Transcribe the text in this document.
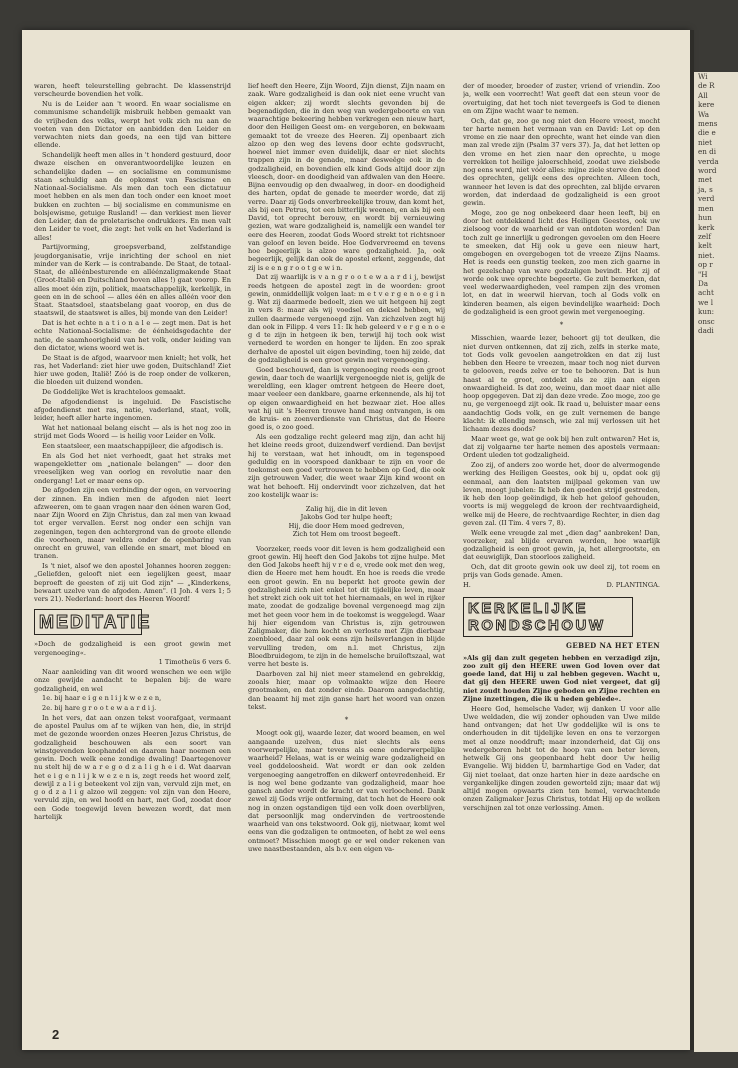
waren, heeft teleurstelling gebracht. De klassenstrijd verscheurde bovendien het volk.

Nu is de Leider aan 't woord. En waar socialisme en communisme schandelijk misbruik hebben gemaakt van de vrijheden des volks, werpt het volk zich nu aan de voeten van den Dictator en aanbidden den Leider en verwachten niets dan goeds, na een tijd van bittere ellende.

Schandelijk heeft men alles in 't honderd gestuurd, door dwaze eischen en onverantwoordelijke leuzen en schandelijke daden — en socialisme en communisme staan schuldig aan de opkomst van Fascisme en Nationaal-Socialisme. Als men dan toch een dictatuur moet hebben en als men dan toch onder een knoet moet bukken en zuchten — bij socialisme en communisme en bolsjewisme, getuige Rusland! — dan verkiest men liever den Leider, dan de proletarische ondrukkers. En men valt den Leider te voet, die zegt: het volk en het Vaderland is alles!

Partijvorming, groepsverband, zelfstandige jeugdorganisatie, vrije inrichting der school en niet minder van de Kerk — is contrabande. De Staat, de totaal-Staat, de alléénbesturende en alléénzaligmakende Staat (Groot-Italië en Duitschland boven alles !) gaat voorop. En alles moet één zijn, politiek, maatschappelijk, kerkelijk, in geen en in de school — alles één en alles alléén voor den Staat. Staatsdoel, staatsbelang gaat voorop, en dus de staatswil, de staatswet is alles, bij monde van den Leider!

Dat is het echte n a t i o n a l e — zegt men. Dat is het echte Nationaal-Socialisme: de éénheidsgedachte der natie, de saamhoorigheid van het volk, onder leiding van den dictator, wiens woord wet is.

De Staat is de afgod, waarvoor men knielt; het volk, het ras, het Vaderland: ziet hier uwe goden, Duitschland! Ziet hier uwe goden, Italië! Zóó is de roep onder de volkeren, die bloeden uit duizend wonden.

De Goddelijke Wet is krachteloos gemaakt.

De afgodendienst is ingeluid. De Fascistische afgodendienst met ras, natie, vaderland, staat, volk, leider, heeft aller harte ingenomen.

Wat het nationaal belang eischt — als is het nog zoo in strijd met Gods Woord — is heilig voor Leider en Volk.

Een staatsleer, een maatschappijleer, die afgodisch is.

En als God het niet verhoedt, gaat het straks met wapengekletter om „nationale belangen" — door den vreeselijken weg van oorlog en revolutie naar den ondergang! Let er maar eens op.

De afgoden zijn een verbinding der ogen, en vervoering der zinnen. En indien men de afgoden niet leert afzweeren, om te gaan vragen naar den éénen waren God, naar Zijn Woord en Zijn Christus, dan zal men van kwaad tot erger vervallen. Eerst nog onder een schijn van zegeningen, tegen den achtergrond van de groote ellende die voorheen, maar weldra onder de openbaring van onrecht en gruwel, van ellende en smart, met bloed en tranen.

Is 't niet, alsof we den apostel Johannes hooren zeggen: „Geliefden, gelooft niet een iegelijken geest, maar beproeft de geesten of zij uit God zijn" — „Kinderkens, bewaart uzelve van de afgoden. Amen". (1 Joh. 4 vers 1; 5 vers 21). Nederland: hoort des Heeren Woord!

MEDITATIE

»Doch de godzaligheid is een groot gewin met vergenoeging«.

1 Timotheüs 6 vers 6.

Naar aanleiding van dit woord wenschen we een wijle onze gewijde aandacht te bepalen bij: de ware godzaligheid, en wel

1e. bij haar e i g e n l i j k w e z e n,

2e. bij hare g r o o t e w a a r d i j.

In het vers, dat aan onzen tekst voorafgaat, vermaant de apostel Paulus om af te wijken van hen, die, in strijd met de gezonde woorden onzes Heeren Jezus Christus, de godzaligheid beschouwen als een soort van winstgevenden koophandel en daarom haar noemen een gewin. Doch welk eene zondige dwaling! Daartegenover nu stelt hij de w a r e g o d z a l i g h e i d. Wat daarvan het e i g e n l i j k w e z e n is, zegt reeds het woord zelf, dewijl z a l i g beteekent vol zijn van, vervuld zijn met, en g o d z a l i g alzoo wil zeggen: vol zijn van den Heere, vervuld zijn, en wel hoofd en hart, met God, zoodat door een Gode toegewijd leven bewezen wordt, dat men hartelijk

lief heeft den Heere, Zijn Woord, Zijn dienst, Zijn naam en zaak. Ware godzaligheid is dan ook niet eene vrucht van eigen akker; zij wordt slechts gevonden bij de begenadigden, die in den weg van wedergeboorte en van waarachtige bekeering hebben verkregen een nieuw hart, door den Heiligen Geest om- en vergeboren, en bekwaam gemaakt tot de vreeze des Heeren. Zij openbaart zich alzoo op den weg des levens door echte godsvrucht, hoewel niet immer even duidelijk, daar er niet slechts trappen zijn in de genade, maar desweêge ook in de godzaligheid, en bovendien elk kind Gods altijd door zijn vleesch, door- en doodigheid van afdwalen van den Heere. Bijna eenvoudig op den dwaalweg, in door- en doodigheid des harten, opdat de genade te meerder worde, dat zij verre. Daar zij Gods onverbreekelijke trouw, dan komt het, als bij een Petrus, tot een bitterlijk weenen, en als bij een David, tot oprecht berouw, en wordt bij vernieuwing gezien, wat ware godzaligheid is, namelijk een wandel ter eere des Heeren, zoodat Gods Woord strekt tot richtsnoer van geloof en leven beide. Hoe Godvervreemd en tevens hoe begeerlijk is alzoo ware godzaligheid. Ja, ook begeerlijk, gelijk dan ook de apostel erkent, zeggende, dat zij is e e n g r o o t g e w i n.

Dat zij waarlijk is v a n g r o o t e w a a r d i j, bewijst reeds hetgeen de apostel zegt in de woorden: groot gewin, onmiddellijk volgen laat: m e t v e r g e n o e g i n g. Wat zij daarmede bedoelt, zien we uit hetgeen hij zegt in vers 8: maar als wij voedsel en deksel hebben, wij zullen daarmede vergenoegd zijn. Van zichzelven zegt hij dan ook in Filipp. 4 vers 11: Ik heb geleerd v e r g e n o e g d te zijn in hetgeen ik ben, terwijl hij toch ook wist vernederd te worden en honger te lijden. En zoo sprak derhalve de apostel uit eigen bevinding, toen hij zeide, dat de godzaligheid is een groot gewin met vergenoeging.

Goed beschouwd, dan is vergenoeging reeds een groot gewin, daar toch de waarlijk vergenoegde niet is, gelijk de wereldling, een klager omtrent hetgeen de Heere doet, maar veeleer een dankbare, gaarne erkennende, als hij tot op eigen onwaardigheid en het bezwaar ziet. Hoe alles wat hij uit 's Heeren trouwe hand mag ontvangen, is om de kruis- en zoenverdienste van Christus, dat de Heere goed is, o zoo goed.

Als een godzalige recht geleerd mag zijn, dan acht hij het kleine reeds groot, duizendwerf verdiend. Dan bevijst hij te verstaan, wat het inhoudt, om in tegenspoed geduldig en in voorspoed dankbaar te zijn en voor de toekomst een goed vertrouwen te hebben op God, die ook zijn getrouwen Vader, die weet waar Zijn kind woont en wat het behoeft. Hij ondervindt voor zichzelven, dat het zoo kostelijk waar is:

Zalig hij, die in dit leven
Jakobs God ter hulpe heeft;
Hij, die door Hem moed gedreven,
Zich tot Hem om troost begeeft.

Voorzeker, reeds voor dit leven is hem godzaligheid een groot gewin. Hij heeft den God Jakobs tot zijne hulpe. Met den God Jakobs heeft hij v r e d e, vrede ook met den weg, dien de Heere met hem houdt. En hoe is reeds die vrede een groot gewin. En nu beperkt het groote gewin der godzaligheid zich niet enkel tot dit tijdelijke leven, maar het strekt zich ook uit tot het hiernamaals, en wel in rijker mate, zoodat de godzalige bovenal vergenoegd mag zijn met het geen voor hem in de toekomst is weggelegd. Waar hij hier eigendom van Christus is, zijn getrouwen Zaligmaker, die hem kocht en verloste met Zijn dierbaar zoenbloed, daar zal ook eens zijn heilsverlangen in blijde vervulling treden, om n.l. met Christus, zijn Bloedbruidegom, te zijn in de hemelsche bruiloftszaal, wat verre het beste is.

Daarboven zal hij niet meer stamelend en gebrekkig, zooals hier, maar op volmaakte wijze den Heere grootmaken, en dat zonder einde. Daarom aangedachtig, dan beaamt hij met zijn ganse hart het woord van onzen tekst.

*

Moogt ook gij, waarde lezer, dat woord beamen, en wel aangaande uzelven, dus niet slechts als eens voorwerpelijke, maar tevens als eene onderwerpelijke waarheid? Helaas, wat is er weinig ware godzaligheid en veel goddeloosheid. Wat wordt er dan ook zelden vergenoeging aangetroffen en dikwerf ontevredenheid. Er is nog wel bene godzante van godzaligheid, maar hoe gansch ander wordt de kracht er van verloochend. Dank zewel zij Gods vrije ontferming, dat toch het de Heere ook nog in onzen ogstandigen tijd een volk doen overblijven, dat persoonlijk mag ondervinden de vertroostende waarheid van ons tekstwoord. Ook gij, nietwaar, komt wel eens van die godzaligen te ontmoeten, of hebt ze wel eens ontmoet? Misschien moogt ge er wel onder rekenen van uwe naastbestaanden, als b.v. een eigen va-

der of moeder, broeder of zuster, vriend of vriendin. Zoo ja, welk een voorrecht! Wat geeft dat een steun voor de overtuiging, dat het toch niet tevergeefs is God te dienen en om Zijne wacht waar te nemen.

Och, dat ge, zoo ge nog niet den Heere vreest, mocht ter harte nemen het vermaan van en David: Let op den vrome en zie naar den oprechte, want het einde van dien man zal vrede zijn (Psalm 37 vers 37). Ja, dat het letten op den vrome en het zien naar den oprechte, u moge verrekken tot heilige jaloerschheid, zoodat uwe zielsbede nog eens werd, niet vóór alles: mijne ziele sterve den dood des oprechten, gelijk eens des oprechten. Alleen toch, wanneer het leven is dat des oprechten, zal blijde ervaren worden, dat inderdaad de godzaligheid is een groot gewin.

Moge, zoo ge nog onbekeerd daar heen leeft, bij en door het ontdekkend licht des Heiligen Geestes, ook uw zielsoog voor de waarheid er van ontdoten worden! Dan toch zult ge innerlijk u gedrongen gevoelen om den Heere te smeeken, dat Hij ook u geve een nieuw hart, omgebogen en overgebogen tot de vreeze Zijns Naams. Het is reeds een gunstig teeken, zoo men zich gaarne in het gezelschap van ware godzaligen bevindt. Het zij of worde ook uwe oprechte begeerte. Ge zult bemerken, dat veel wederwaardigheden, veel rampen zijn des vromen lot, en dat in weerwil hiervan, toch al Gods volk en kinderen beamen, als eigen bevindelijke waarheid: Doch de godzaligheid is een groot gewin met vergenoeging.

*

Misschien, waarde lezer, behoort gij tot deulken, die niet durven ontkennen, dat zij zich, zelfs in sterke mate, tot Gods volk gevoelen aangetrokken en dat zij lust hebben den Heere te vreezen, maar toch nog niet durven te gelooven, reeds zelve er toe te behooren. Dat is hun haast al te groot, ontdekt als ze zijn aan eigen onwaardigheid. Is dat zoo, weinu, dan moet daar niet alle hoop opgegeven. Dat zij dan deze vrede. Zoo moge, zoo ge nu, ge vergenoegd zijt ook. Ik raad u, beluister maar eens aandachtig Gods volk, en ge zult vernemen de bange klacht: ik ellendig mensch, wie zal mij verlossen uit het lichaam dezes doods?

Maar weet ge, wat ge ook bij hen zult ontwaren? Het is, dat zij volgaarne ter harte nemen des apostels vermaan: Ordent uleden tot godzaligheid.

Zoo zij, of anders zoo worde het, door de alvermogende werking des Heiligen Geestes, ook bij u, opdat ook gij eenmaal, aan den laatsten mijlpaal gekomen van uw leven, moogt jubelen: Ik heb den goeden strijd gestreden, ik heb den loop geëindigd, ik heb het geloof gehouden, voorts is mij weggelegd de kroon der rechtvaardigheid, welke mij de Heere, de rechtvaardige Rechter, in dien dag geven zal. (II Tim. 4 vers 7, 8).

Welk eene vreugde zal met „dien dag" aanbreken! Dan, voorzeker, zal blijde ervaren worden, hoe waarlijk godzaligheid is een groot gewin, ja, het allergrootste, en dat eeuwiglijk, Dan stoorloos zaligheid.

Och, dat dit groote gewin ook uw deel zij, tot roem en prijs van Gods genade. Amen.

H.	D. PLANTINGA.
KERKELIJKE RONDSCHOUW
GEBED NA HET ETEN

»Als gij dan zult gegeten hebben en verzadigd zijn, zoo zult gij den HEERE uwen God loven over dat goede land, dat Hij u zal hebben gegeven. Wacht u, dat gij den HEERE uwen God niet vergeet, dat gij niet zoudt houden Zijne geboden en Zijne rechten en Zijne inzettingen, die ik u heden gebiede«.

Heere God, hemelsche Vader, wij danken U voor alle Uwe weldaden, die wij zonder ophouden van Uwe milde hand ontvangen; dat het Uw goddelijke wil is ons te onderhouden in dit tijdelijke leven en ons te verzorgen met al onze nooddruft; maar inzonderheid, dat Gij ons wedergeboren hebt tot de hoop van een beter leven, hetwelk Gij ons geopenbaard hebt door Uw heilig Evangelie. Wij bidden U, barmhartige God en Vader, dat Gij niet toelaat, dat onze harten hier in deze aardsche en vergankelijke dingen zouden geworteld zijn; maar dat wij altijd mogen opwaarts zien ten hemel, verwachtende onzen Zaligmaker Jezus Christus, totdat Hij op de wolken verschijnen zal tot onze verlossing. Amen.

2
Wi
de R
All
kere
Wa
mens
die e
niet
en di
verda
word
met
ja, s
verd
men
hun
kerk
zelf
kelt
niet.
op r
"H
Da
acht
we l
kun:
onsc
dadi
